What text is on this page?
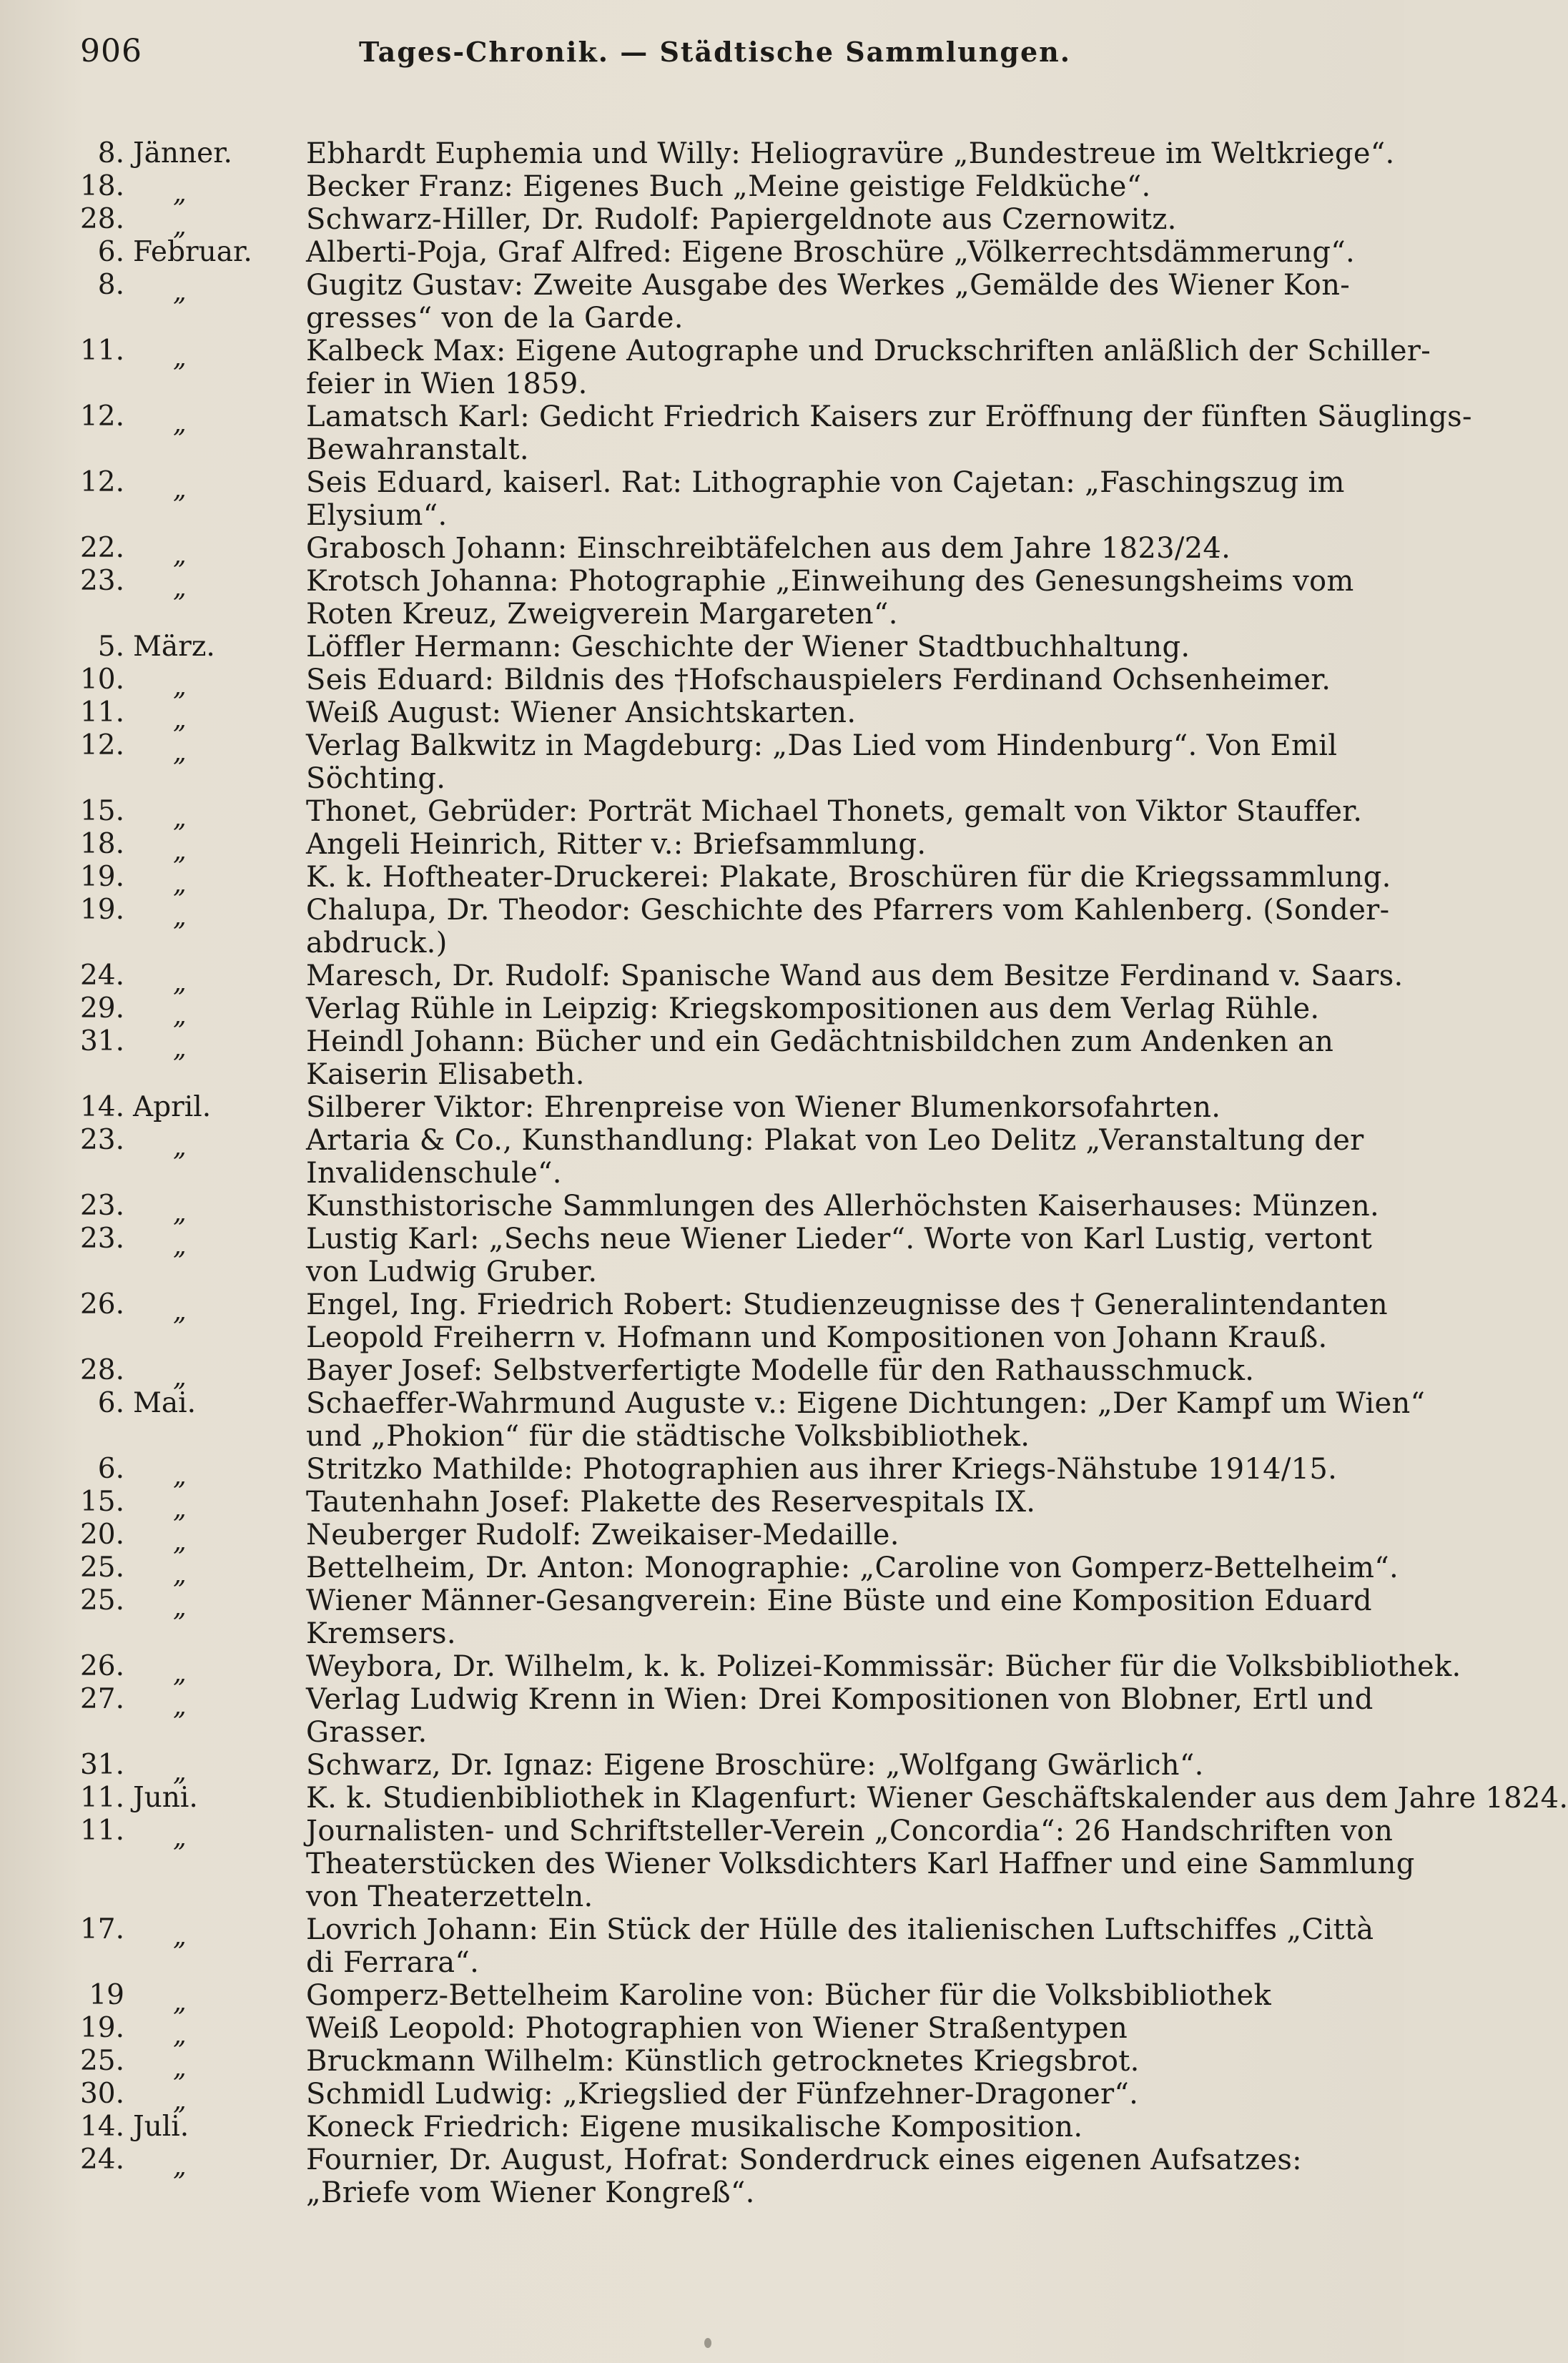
906	Tages-Chronik. — Städtische Sammlungen.
8. Jänner.	Ebhardt Euphemia und Willy: Heliogravüre „Bundestreue im Weltkriege“.
18. „	Becker Franz: Eigenes Buch „Meine geistige Feldküche“.
28. „	Schwarz-Hiller, Dr. Rudolf: Papiergeldnote aus Czernowitz.
6. Februar. Alberti-Poja, Graf Alfred: Eigene Broschüre „Völkerrechtsdämmerung“.
8. „	Gugitz Gustav: Zweite Ausgabe des Werkes „Gemälde des Wiener Kon-
gresses“ von de la Garde.
11. „	Kalbeck Max: Eigene Autographe und Druckschriften anläßlich der Schiller-
feier in Wien 1859.
12. „	Lamatsch Karl: Gedicht Friedrich Kaisers zur Eröffnung der fünften Säuglings-
Bewahranstalt.
12. „	Seis Eduard, kaiserl. Rat: Lithographie von Cajetan: „Faschingszug im
Elysium“.
22. „	Grabosch Johann: Einschreibtäfelchen aus dem Jahre 1823/24.
23. „	Krotsch Johanna: Photographie „Einweihung des Genesungsheims vom
Roten Kreuz, Zweigverein Margareten“.
5. März.	Löffler Hermann: Geschichte der Wiener Stadtbuchhaltung.
10. „	Seis Eduard: Bildnis des †Hofschauspielers Ferdinand Ochsenheimer.
11. „	Weiß August: Wiener Ansichtskarten.
12. „	Verlag Balkwitz in Magdeburg: „Das Lied vom Hindenburg“. Von Emil
Söchting.
15. „	Thonet, Gebrüder: Porträt Michael Thonets, gemalt von Viktor Stauffer.
18. „	Angeli Heinrich, Ritter v.: Briefsammlung.
19. „	K. k. Hoftheater-Druckerei: Plakate, Broschüren für die Kriegssammlung.
19. „	Chalupa, Dr. Theodor: Geschichte des Pfarrers vom Kahlenberg. (Sonder-
abdruck.)
24. „	Maresch, Dr. Rudolf: Spanische Wand aus dem Besitze Ferdinand v. Saars.
29. „	Verlag Rühle in Leipzig: Kriegskompositionen aus dem Verlag Rühle.
31. „	Heindl Johann: Bücher und ein Gedächtnisbildchen zum Andenken an
Kaiserin Elisabeth.
14. April.	Silberer Viktor: Ehrenpreise von Wiener Blumenkorsofahrten.
23. „	Artaria & Co., Kunsthandlung: Plakat von Leo Delitz „Veranstaltung der
Invalidenschule“.
23. „	Kunsthistorische Sammlungen des Allerhöchsten Kaiserhauses: Münzen.
23. „	Lustig Karl: „Sechs neue Wiener Lieder“. Worte von Karl Lustig, vertont
von Ludwig Gruber.
26. „	Engel, Ing. Friedrich Robert: Studienzeugnisse des † Generalintendanten
Leopold Freiherrn v. Hofmann und Kompositionen von Johann Krauß.
28. „	Bayer Josef: Selbstverfertigte Modelle für den Rathausschmuck.
6. Mai.	Schaeffer-Wahrmund Auguste v.: Eigene Dichtungen: „Der Kampf um Wien“
und „Phokion“ für die städtische Volksbibliothek.
6. „	Stritzko Mathilde: Photographien aus ihrer Kriegs-Nähstube 1914/15.
15. „	Tautenhahn Josef: Plakette des Reservespitals IX.
20. „	Neuberger Rudolf: Zweikaiser-Medaille.
25. „	Bettelheim, Dr. Anton: Monographie: „Caroline von Gomperz-Bettelheim“.
25. „	Wiener Männer-Gesangverein: Eine Büste und eine Komposition Eduard
Kremsers.
26. „	Weybora, Dr. Wilhelm, k. k. Polizei-Kommissär: Bücher für die Volksbibliothek.
27. „	Verlag Ludwig Krenn in Wien: Drei Kompositionen von Blobner, Ertl und
Grasser.
31. „	Schwarz, Dr. Ignaz: Eigene Broschüre: „Wolfgang Gwärlich“.
11. Juni.	K. k. Studienbibliothek in Klagenfurt: Wiener Geschäftskalender aus dem Jahre 1824.
11. „	Journalisten- und Schriftsteller-Verein „Concordia“: 26 Handschriften von
Theaterstücken des Wiener Volksdichters Karl Haffner und eine Sammlung
von Theaterzetteln.
17. „	Lovrich Johann: Ein Stück der Hülle des italienischen Luftschiffes „Città
di Ferrara“.
19 „	Gomperz-Bettelheim Karoline von: Bücher für die Volksbibliothek
19. „	Weiß Leopold: Photographien von Wiener Straßentypen
25. „	Bruckmann Wilhelm: Künstlich getrocknetes Kriegsbrot.
30. „	Schmidl Ludwig: „Kriegslied der Fünfzehner-Dragoner“.
14. Juli.	Koneck Friedrich: Eigene musikalische Komposition.
24. „	Fournier, Dr. August, Hofrat: Sonderdruck eines eigenen Aufsatzes:
„Briefe vom Wiener Kongreß“.
